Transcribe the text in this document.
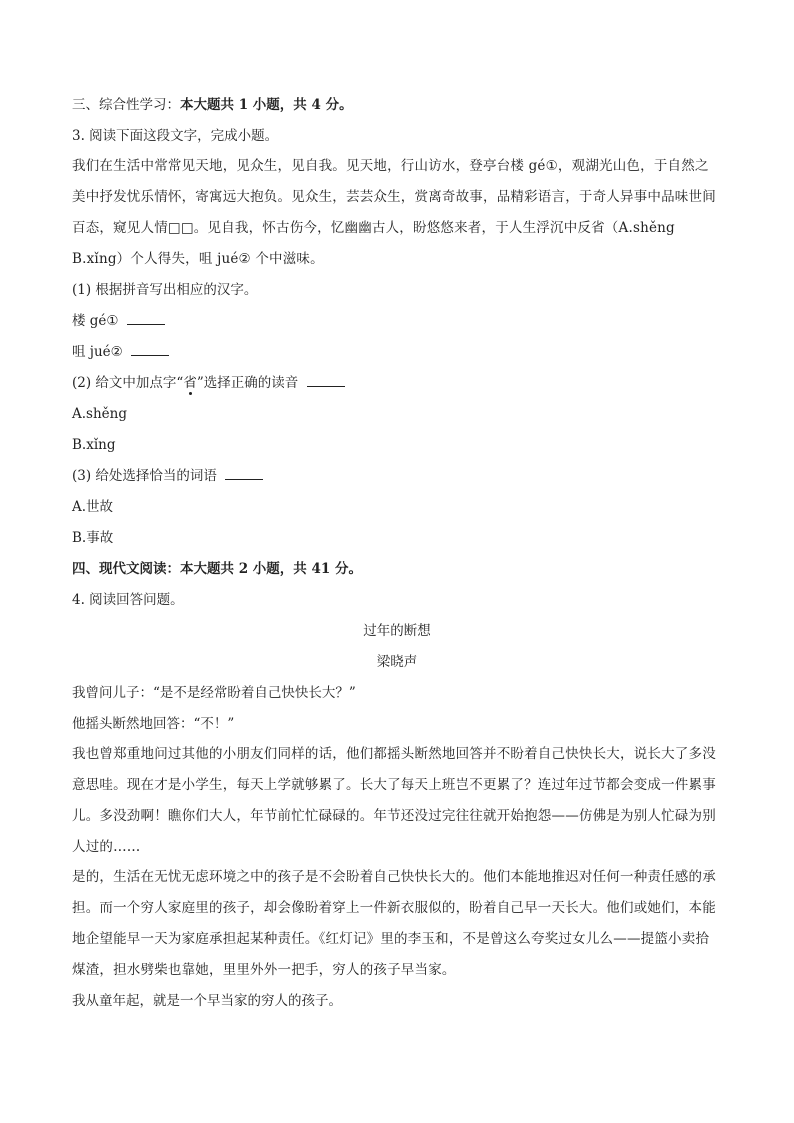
三、综合性学习：本大题共 1 小题，共 4 分。

3. 阅读下面这段文字，完成小题。

我们在生活中常常见天地，见众生，见自我。见天地，行山访水，登亭台楼 gé①，观湖光山色，于自然之美中抒发忧乐情怀，寄寓远大抱负。见众生，芸芸众生，赏离奇故事，品精彩语言，于奇人异事中品味世间百态，窥见人情□□。见自我，怀古伤今，忆幽幽古人，盼悠悠来者，于人生浮沉中反省（A.shěng B.xǐng）个人得失，咀 jué② 个中滋味。

(1) 根据拼音写出相应的汉字。

楼 gé①

咀 jué②

(2) 给文中加点字“省”选择正确的读音

A.shěng

B.xǐng

(3) 给处选择恰当的词语

A.世故

B.事故

四、现代文阅读：本大题共 2 小题，共 41 分。

4. 阅读回答问题。

过年的断想

梁晓声

我曾问儿子：“是不是经常盼着自己快快长大？”

他摇头断然地回答：“不！”

我也曾郑重地问过其他的小朋友们同样的话，他们都摇头断然地回答并不盼着自己快快长大，说长大了多没意思哇。现在才是小学生，每天上学就够累了。长大了每天上班岂不更累了？连过年过节都会变成一件累事儿。多没劲啊！瞧你们大人，年节前忙忙碌碌的。年节还没过完往往就开始抱怨——仿佛是为别人忙碌为别人过的……

是的，生活在无忧无虑环境之中的孩子是不会盼着自己快快长大的。他们本能地推迟对任何一种责任感的承担。而一个穷人家庭里的孩子，却会像盼着穿上一件新衣服似的，盼着自己早一天长大。他们或她们，本能地企望能早一天为家庭承担起某种责任。《红灯记》里的李玉和，不是曾这么夸奖过女儿么——提篮小卖拾煤渣，担水劈柴也靠她，里里外外一把手，穷人的孩子早当家。

我从童年起，就是一个早当家的穷人的孩子。
